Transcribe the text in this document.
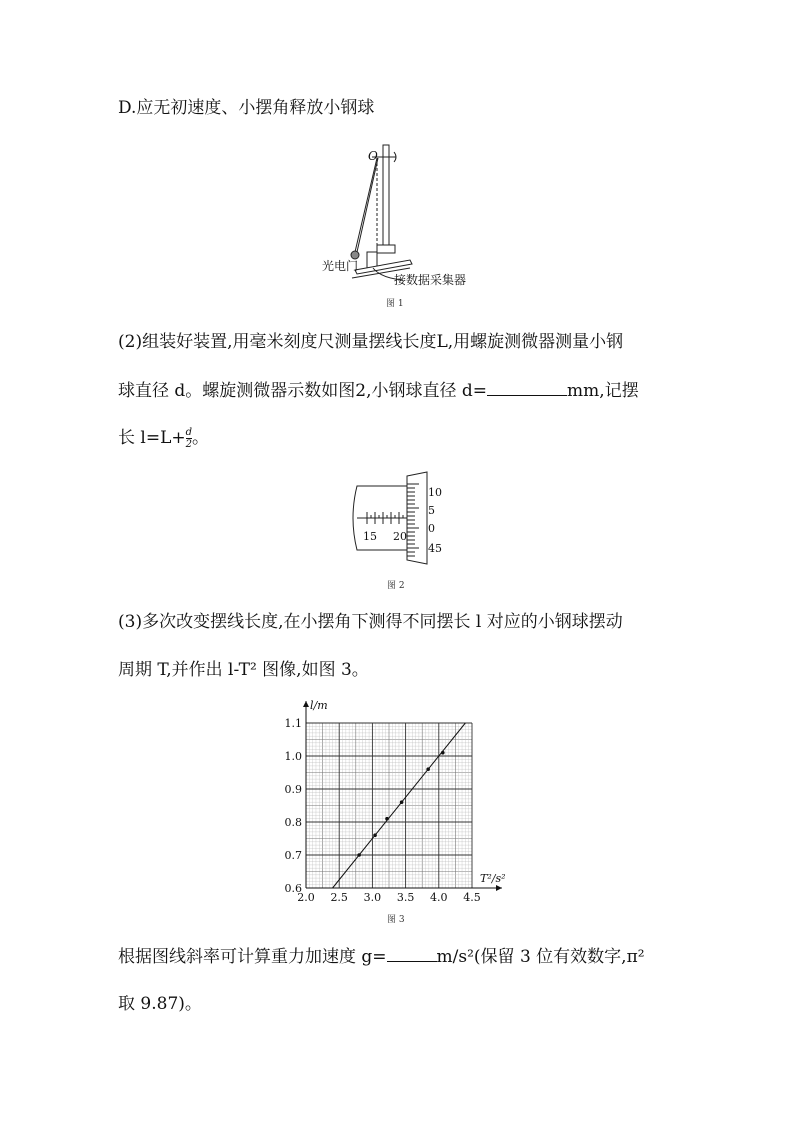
D.应无初速度、小摆角释放小钢球
O
光电门
接数据采集器
图 1
(2)组装好装置,用毫米刻度尺测量摆线长度L,用螺旋测微器测量小钢
球直径 d。螺旋测微器示数如图2,小钢球直径 d=	mm,记摆
长 $l=L+ \frac{d}{2}$ 。
15 20
10
5
0
45
图 2
(3)多次改变摆线长度,在小摆角下测得不同摆长 l 对应的小钢球摆动
周期 T,并作出 l-T² 图像,如图 3。
2.0 2.5 3.0 3.5 4.0 4.5
0.6
0.7
0.8
0.9
1.0
1.1
l/m
T²/s²
图 3
根据图线斜率可计算重力加速度 g=	m/s²(保留 3 位有效数字,π²
取 9.87)。
